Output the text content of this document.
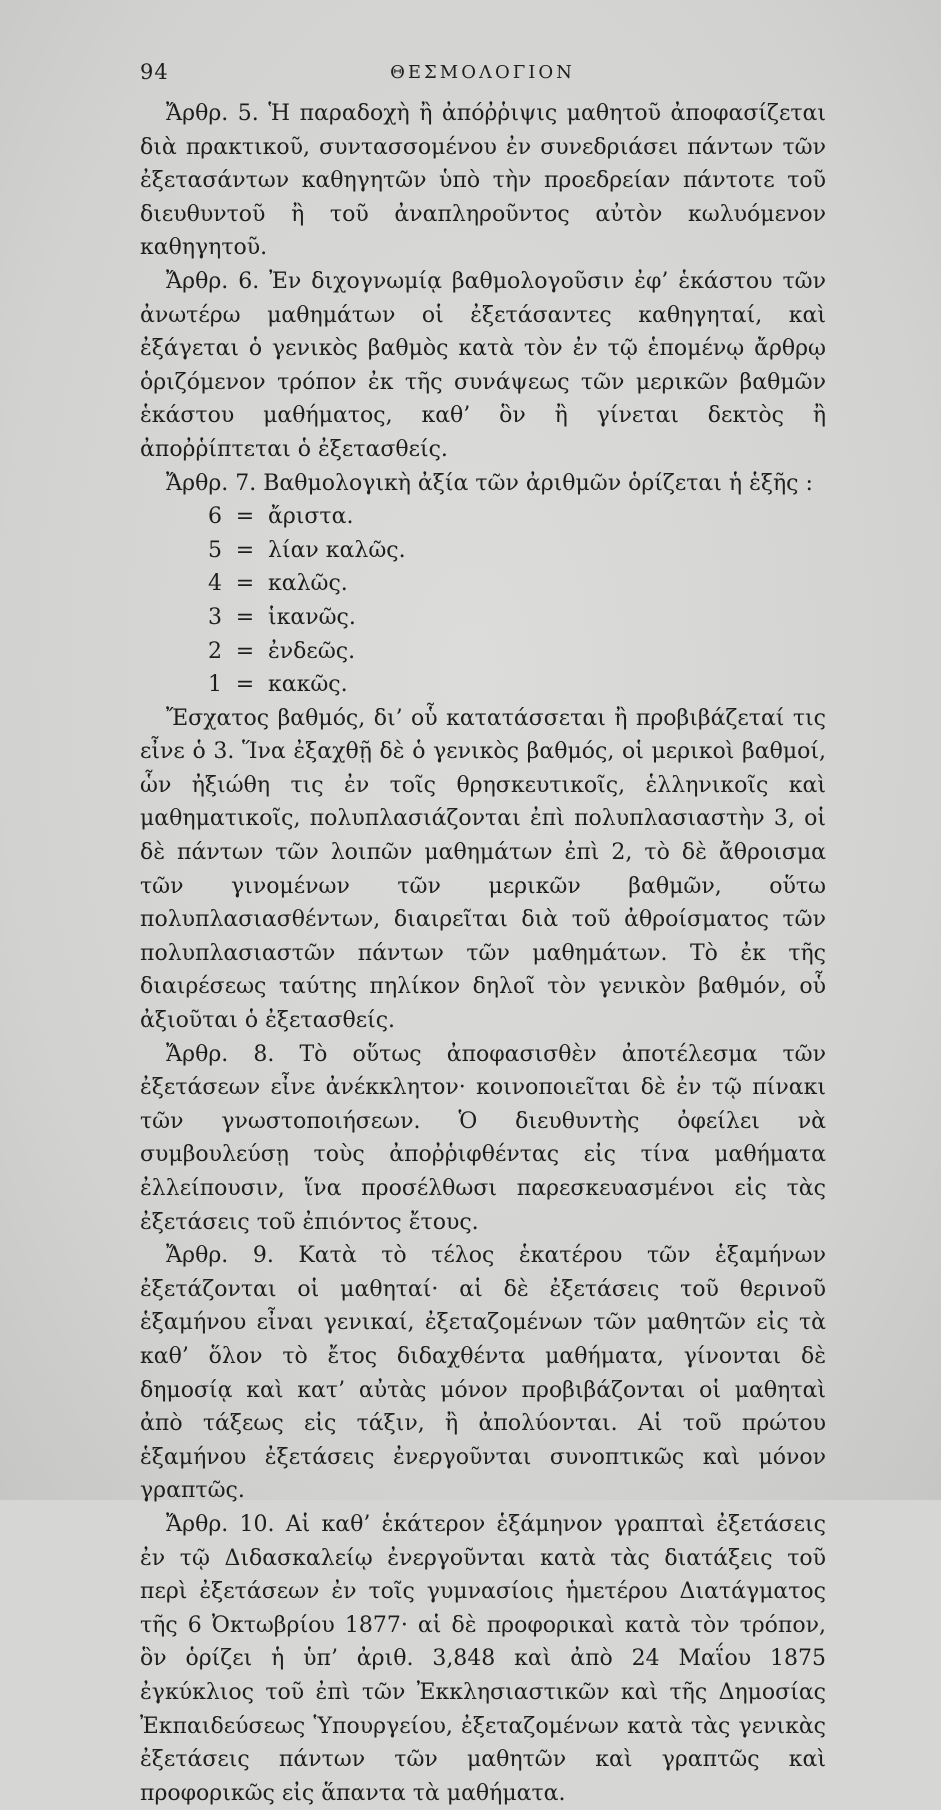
94	ΘΕΣΜΟΛΟΓΙΟΝ

Ἄρθρ. 5. Ἡ παραδοχὴ ἢ ἀπόῤῥιψις μαθητοῦ ἀποφασίζεται διὰ πρακτικοῦ, συντασσομένου ἐν συνεδριάσει πάντων τῶν ἐξετασάντων καθηγητῶν ὑπὸ τὴν προεδρείαν πάντοτε τοῦ διευθυντοῦ ἢ τοῦ ἀναπληροῦντος αὐτὸν κωλυόμενον καθηγητοῦ.

Ἄρθρ. 6. Ἐν διχογνωμίᾳ βαθμολογοῦσιν ἐφ’ ἑκάστου τῶν ἀνωτέρω μαθημάτων οἱ ἐξετάσαντες καθηγηταί, καὶ ἐξάγεται ὁ γενικὸς βαθμὸς κατὰ τὸν ἐν τῷ ἑπομένῳ ἄρθρῳ ὁριζόμενον τρόπον ἐκ τῆς συνάψεως τῶν μερικῶν βαθμῶν ἑκάστου μαθήματος, καθ’ ὃν ἢ γίνεται δεκτὸς ἢ ἀποῤῥίπτεται ὁ ἐξετασθείς.

Ἄρθρ. 7. Βαθμολογικὴ ἀξία τῶν ἀριθμῶν ὁρίζεται ἡ ἑξῆς :

6 = ἄριστα.
5 = λίαν καλῶς.
4 = καλῶς.
3 = ἱκανῶς.
2 = ἐνδεῶς.
1 = κακῶς.

Ἔσχατος βαθμός, δι’ οὗ κατατάσσεται ἢ προβιβάζεταί τις εἶνε ὁ 3. Ἵνα ἐξαχθῇ δὲ ὁ γενικὸς βαθμός, οἱ μερικοὶ βαθμοί, ὧν ἠξιώθη τις ἐν τοῖς θρησκευτικοῖς, ἑλληνικοῖς καὶ μαθηματικοῖς, πολυπλασιάζονται ἐπὶ πολυπλασιαστὴν 3, οἱ δὲ πάντων τῶν λοιπῶν μαθημάτων ἐπὶ 2, τὸ δὲ ἄθροισμα τῶν γινομένων τῶν μερικῶν βαθμῶν, οὕτω πολυπλασιασθέντων, διαιρεῖται διὰ τοῦ ἀθροίσματος τῶν πολυπλασιαστῶν πάντων τῶν μαθημάτων. Τὸ ἐκ τῆς διαιρέσεως ταύτης πηλίκον δηλοῖ τὸν γενικὸν βαθμόν, οὗ ἀξιοῦται ὁ ἐξετασθείς.

Ἄρθρ. 8. Τὸ οὕτως ἀποφασισθὲν ἀποτέλεσμα τῶν ἐξετάσεων εἶνε ἀνέκκλητον· κοινοποιεῖται δὲ ἐν τῷ πίνακι τῶν γνωστοποιήσεων. Ὁ διευθυντὴς ὀφείλει νὰ συμβουλεύσῃ τοὺς ἀποῤῥιφθέντας εἰς τίνα μαθήματα ἐλλείπουσιν, ἵνα προσέλθωσι παρεσκευασμένοι εἰς τὰς ἐξετάσεις τοῦ ἐπιόντος ἔτους.

Ἄρθρ. 9. Κατὰ τὸ τέλος ἑκατέρου τῶν ἑξαμήνων ἐξετάζονται οἱ μαθηταί· αἱ δὲ ἐξετάσεις τοῦ θερινοῦ ἑξαμήνου εἶναι γενικαί, ἐξεταζομένων τῶν μαθητῶν εἰς τὰ καθ’ ὅλον τὸ ἔτος διδαχθέντα μαθήματα, γίνονται δὲ δημοσίᾳ καὶ κατ’ αὐτὰς μόνον προβιβάζονται οἱ μαθηταὶ ἀπὸ τάξεως εἰς τάξιν, ἢ ἀπολύονται. Αἱ τοῦ πρώτου ἑξαμήνου ἐξετάσεις ἐνεργοῦνται συνοπτικῶς καὶ μόνον γραπτῶς.

Ἄρθρ. 10. Αἱ καθ’ ἑκάτερον ἑξάμηνον γραπταὶ ἐξετάσεις ἐν τῷ Διδασκαλείῳ ἐνεργοῦνται κατὰ τὰς διατάξεις τοῦ περὶ ἐξετάσεων ἐν τοῖς γυμνασίοις ἡμετέρου Διατάγματος τῆς 6 Ὀκτωβρίου 1877· αἱ δὲ προφορικαὶ κατὰ τὸν τρόπον, ὃν ὁρίζει ἡ ὑπ’ ἀριθ. 3,848 καὶ ἀπὸ 24 Μαΐου 1875 ἐγκύκλιος τοῦ ἐπὶ τῶν Ἐκκλησιαστικῶν καὶ τῆς Δημοσίας Ἐκπαιδεύσεως Ὑπουργείου, ἐξεταζομένων κατὰ τὰς γενικὰς ἐξετάσεις πάντων τῶν μαθητῶν καὶ γραπτῶς καὶ προφορικῶς εἰς ἅπαντα τὰ μαθήματα.
